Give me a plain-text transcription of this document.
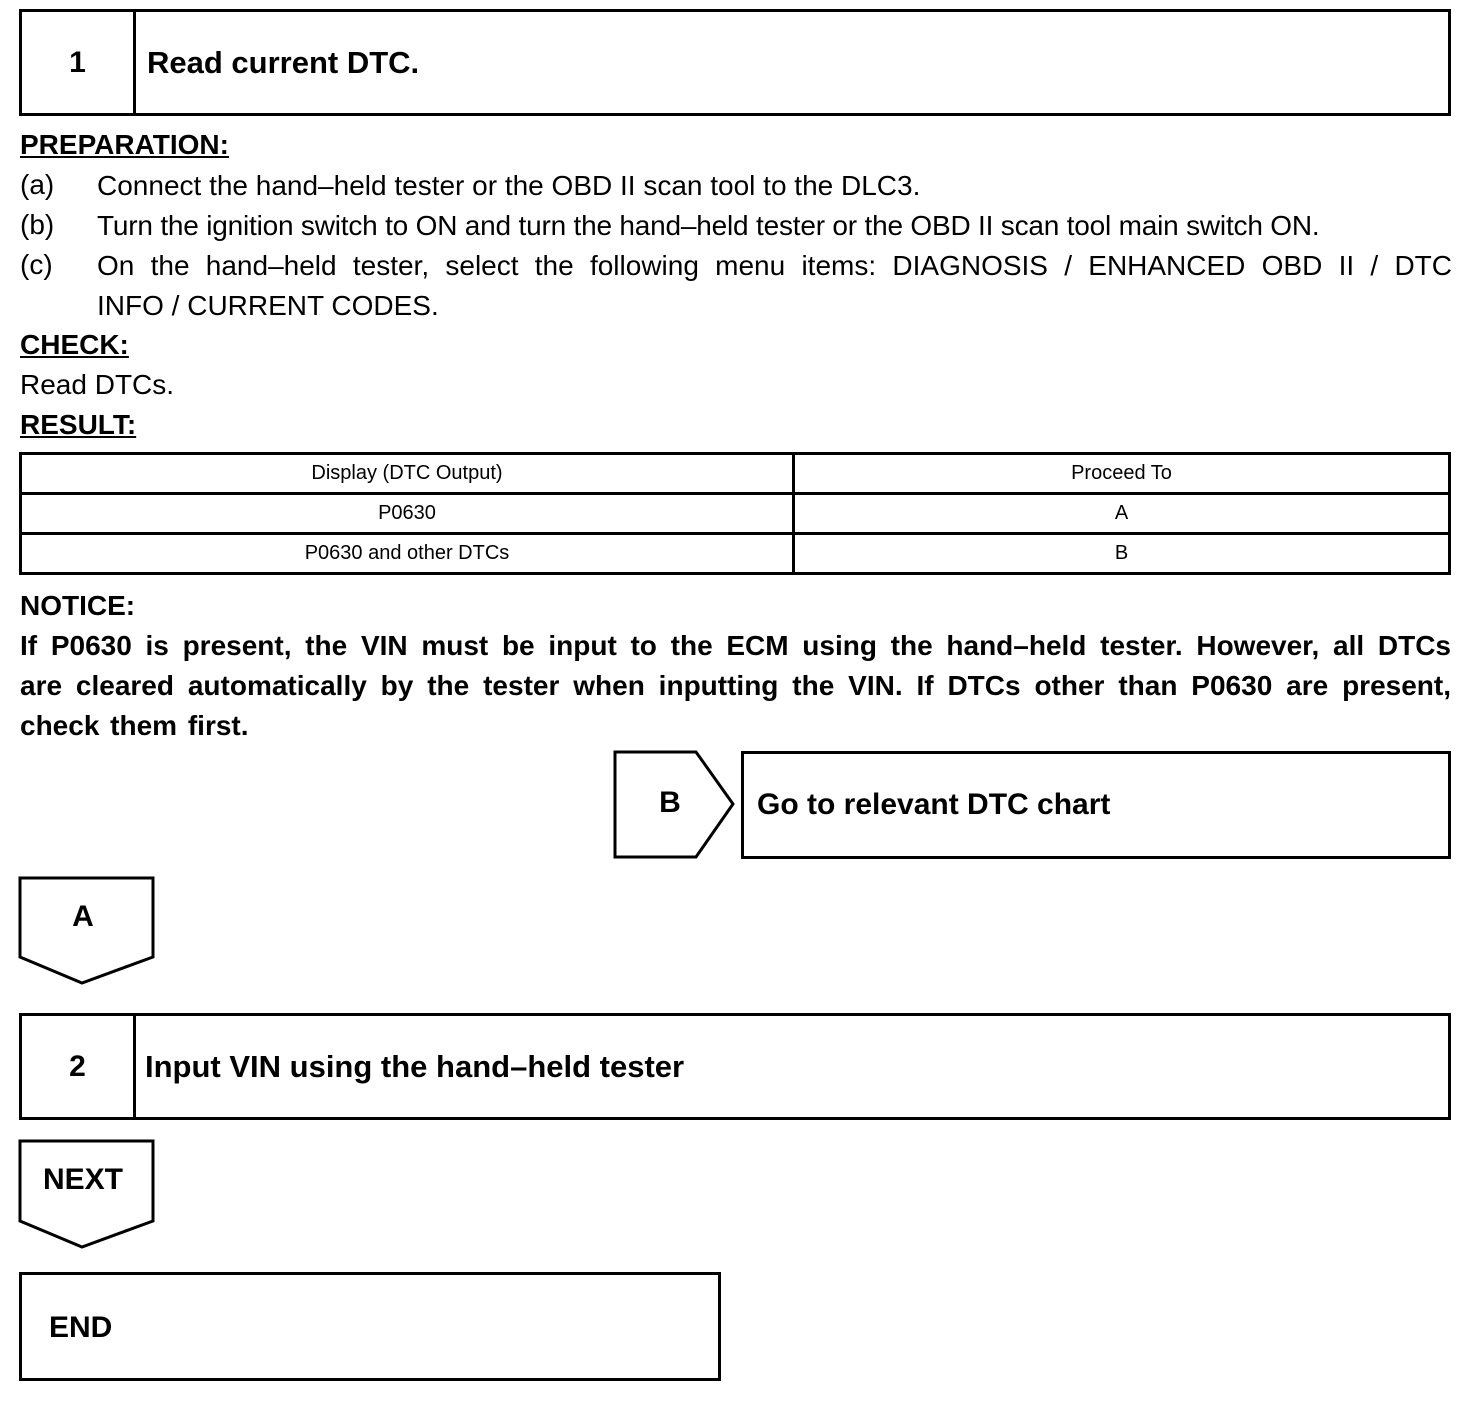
1	Read current DTC.
PREPARATION:
(a) Connect the hand–held tester or the OBD II scan tool to the DLC3.
(b) Turn the ignition switch to ON and turn the hand–held tester or the OBD II scan tool main switch ON.
(c) On the hand–held tester, select the following menu items: DIAGNOSIS / ENHANCED OBD II / DTC
INFO / CURRENT CODES.
CHECK:
Read DTCs.
RESULT:
Display (DTC Output)	Proceed To
P0630	A
P0630 and other DTCs	B
NOTICE:
If P0630 is present, the VIN must be input to the ECM using the hand–held tester. However, all DTCs
are cleared automatically by the tester when inputting the VIN. If DTCs other than P0630 are present,
check them first.
B	Go to relevant DTC chart
A
2	Input VIN using the hand–held tester
NEXT
END
